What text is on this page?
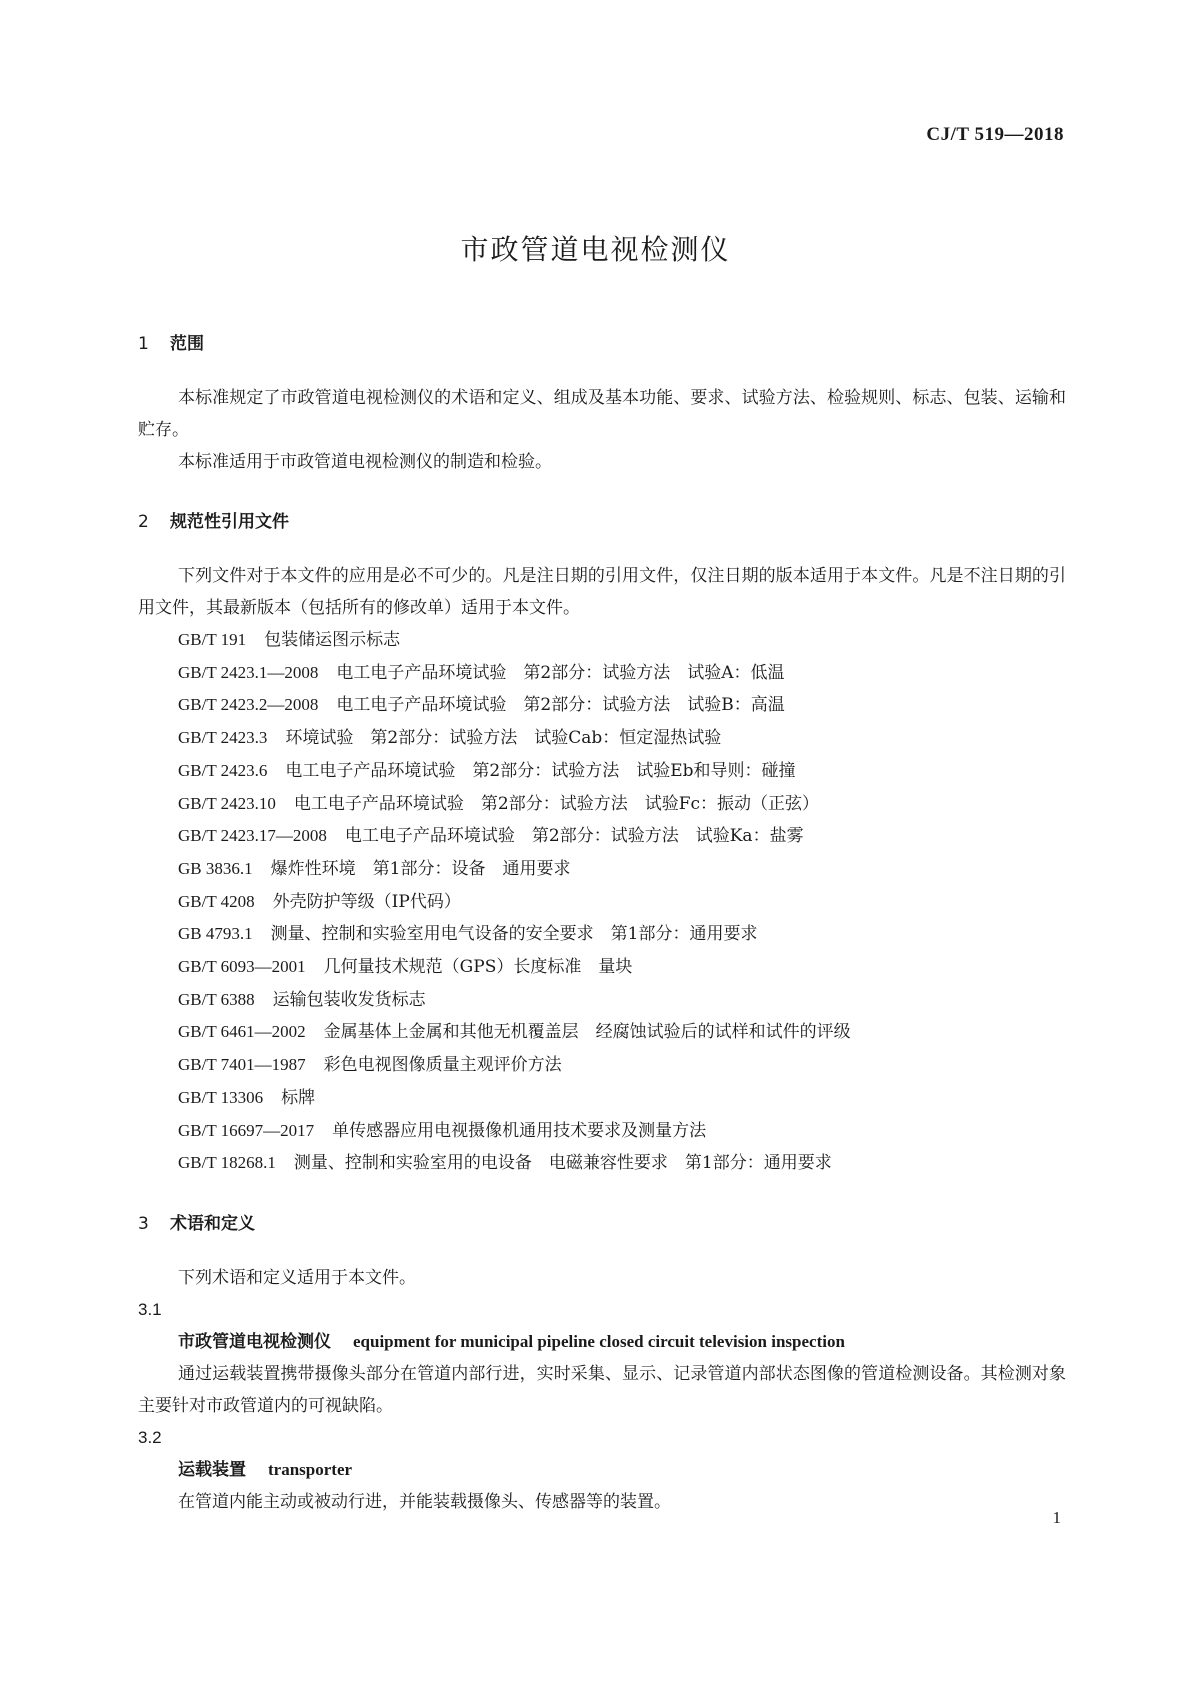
CJ/T 519—2018
市政管道电视检测仪
1 范围

本标准规定了市政管道电视检测仪的术语和定义、组成及基本功能、要求、试验方法、检验规则、标志、包装、运输和贮存。

本标准适用于市政管道电视检测仪的制造和检验。

2 规范性引用文件

下列文件对于本文件的应用是必不可少的。凡是注日期的引用文件，仅注日期的版本适用于本文件。凡是不注日期的引用文件，其最新版本（包括所有的修改单）适用于本文件。

GB/T 191 包装储运图示标志
GB/T 2423.1—2008 电工电子产品环境试验　第2部分：试验方法　试验A：低温
GB/T 2423.2—2008 电工电子产品环境试验　第2部分：试验方法　试验B：高温
GB/T 2423.3 环境试验　第2部分：试验方法　试验Cab：恒定湿热试验
GB/T 2423.6 电工电子产品环境试验　第2部分：试验方法　试验Eb和导则：碰撞
GB/T 2423.10 电工电子产品环境试验　第2部分：试验方法　试验Fc：振动（正弦）
GB/T 2423.17—2008 电工电子产品环境试验　第2部分：试验方法　试验Ka：盐雾
GB 3836.1 爆炸性环境　第1部分：设备　通用要求
GB/T 4208 外壳防护等级（IP代码）
GB 4793.1 测量、控制和实验室用电气设备的安全要求　第1部分：通用要求
GB/T 6093—2001 几何量技术规范（GPS）长度标准　量块
GB/T 6388 运输包装收发货标志
GB/T 6461—2002 金属基体上金属和其他无机覆盖层　经腐蚀试验后的试样和试件的评级
GB/T 7401—1987 彩色电视图像质量主观评价方法
GB/T 13306 标牌
GB/T 16697—2017 单传感器应用电视摄像机通用技术要求及测量方法
GB/T 18268.1 测量、控制和实验室用的电设备　电磁兼容性要求　第1部分：通用要求
3 术语和定义

下列术语和定义适用于本文件。

3.1

市政管道电视检测仪 equipment for municipal pipeline closed circuit television inspection

通过运载装置携带摄像头部分在管道内部行进，实时采集、显示、记录管道内部状态图像的管道检测设备。其检测对象主要针对市政管道内的可视缺陷。

3.2

运载装置 transporter

在管道内能主动或被动行进，并能装载摄像头、传感器等的装置。

1
